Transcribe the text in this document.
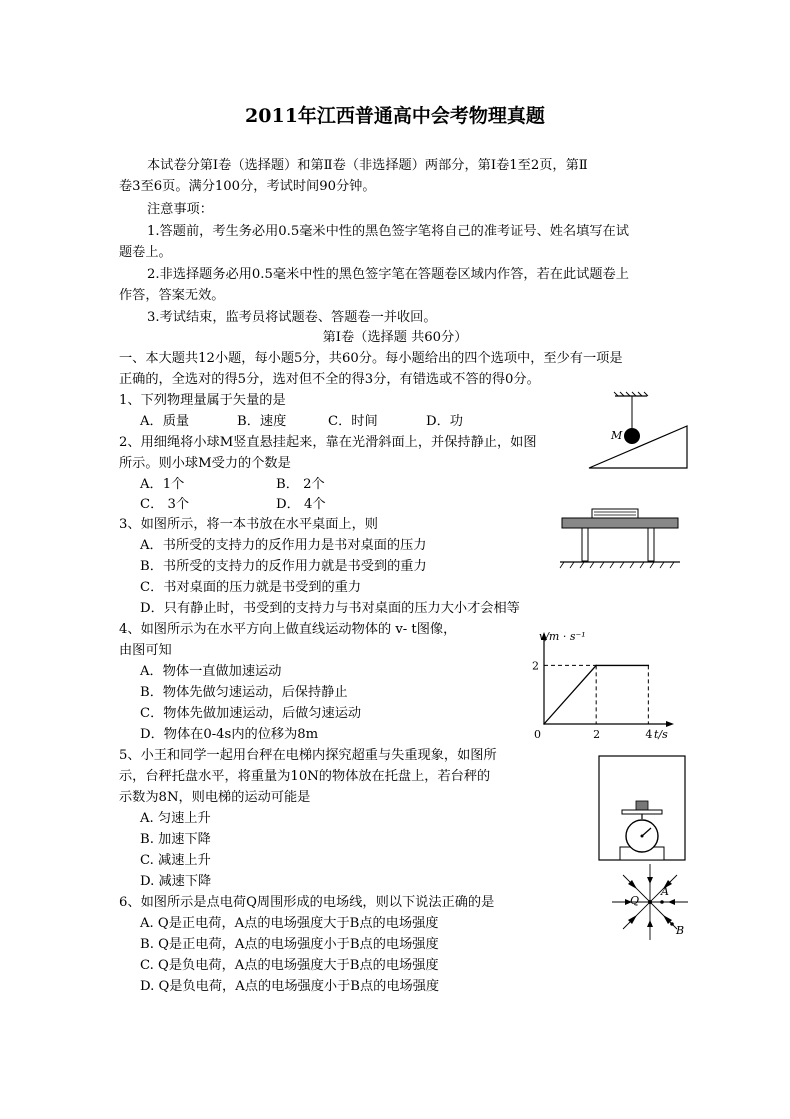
2011年江西普通高中会考物理真题
本试卷分第Ⅰ卷（选择题）和第Ⅱ卷（非选择题）两部分，第Ⅰ卷1至2页，第Ⅱ
卷3至6页。满分100分，考试时间90分钟。
注意事项：
1.答题前，考生务必用0.5毫米中性的黑色签字笔将自己的准考证号、姓名填写在试
题卷上。
2.非选择题务必用0.5毫米中性的黑色签字笔在答题卷区域内作答，若在此试题卷上
作答，答案无效。
3.考试结束，监考员将试题卷、答题卷一并收回。
第Ⅰ卷（选择题 共60分）
一、本大题共12小题，每小题5分，共60分。每小题给出的四个选项中，至少有一项是
正确的，全选对的得5分，选对但不全的得3分，有错选或不答的得0分。
1、下列物理量属于矢量的是
A．质量	B．速度	C．时间	D．功
2、用细绳将小球M竖直悬挂起来，靠在光滑斜面上，并保持静止，如图
所示。则小球M受力的个数是
A．1个	B． 2个
C． 3个	D． 4个
3、如图所示，将一本书放在水平桌面上，则
A．书所受的支持力的反作用力是书对桌面的压力
B．书所受的支持力的反作用力就是书受到的重力
C．书对桌面的压力就是书受到的重力
D．只有静止时，书受到的支持力与书对桌面的压力大小才会相等
4、如图所示为在水平方向上做直线运动物体的 v- t图像，
由图可知
A．物体一直做加速运动
B．物体先做匀速运动，后保持静止
C．物体先做加速运动，后做匀速运动
D．物体在0-4s内的位移为8m
5、小王和同学一起用台秤在电梯内探究超重与失重现象，如图所
示，台秤托盘水平，将重量为10N的物体放在托盘上，若台秤的
示数为8N，则电梯的运动可能是
A. 匀速上升
B. 加速下降
C. 减速上升
D. 减速下降
6、如图所示是点电荷Q周围形成的电场线，则以下说法正确的是
A. Q是正电荷，A点的电场强度大于B点的电场强度
B. Q是正电荷，A点的电场强度小于B点的电场强度
C. Q是负电荷，A点的电场强度大于B点的电场强度
D. Q是负电荷，A点的电场强度小于B点的电场强度
M
v/m · s⁻¹
t/s
0	2	4
2
Q
A
B
